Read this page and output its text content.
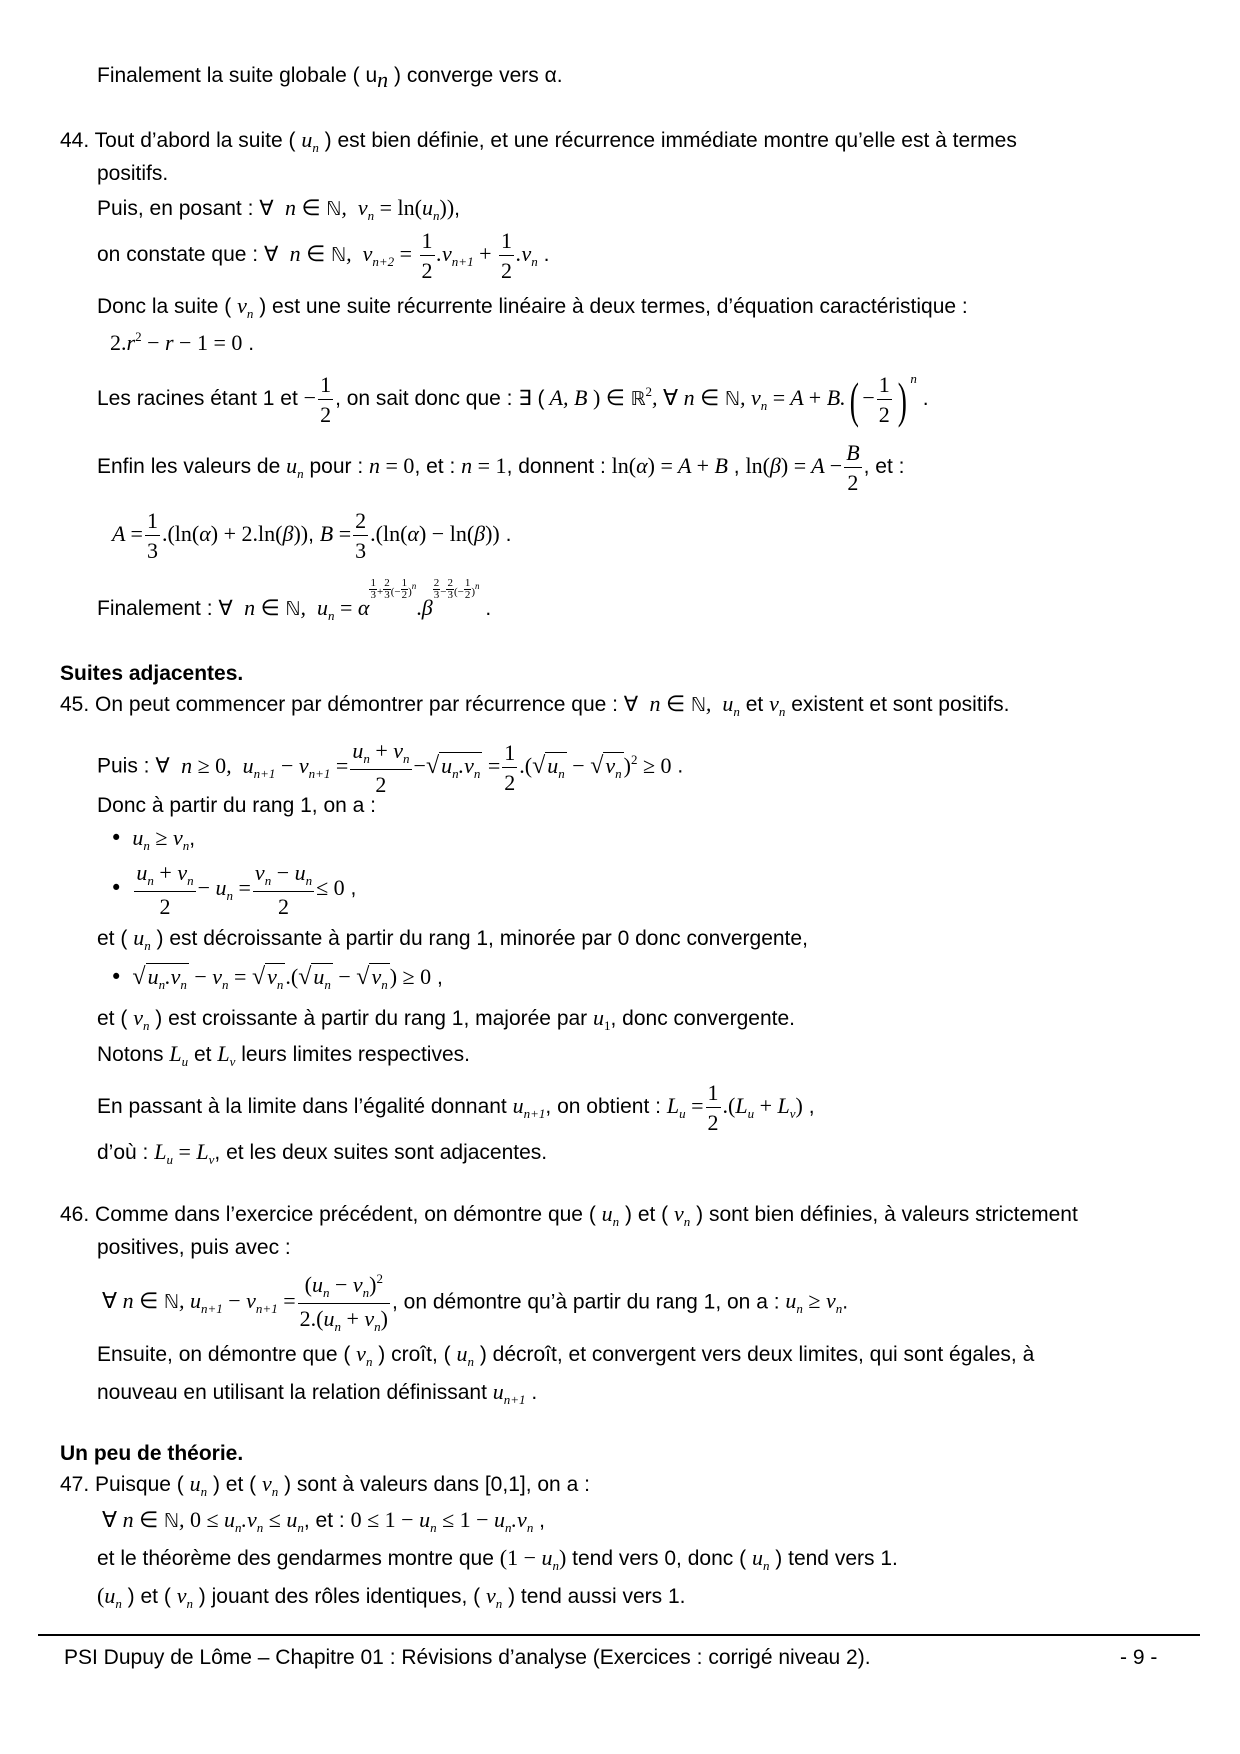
Finalement la suite globale ( $u_n$ ) converge vers α.
44. Tout d’abord la suite ( $u_n$ ) est bien définie, et une récurrence immédiate montre qu’elle est à termes
positifs.
Puis, en posant : ∀  n ∈ ℕ,  $v_n = \ln(u_n)$),
on constate que : ∀  n ∈ ℕ,  $v_{n+2} = \frac{1}{2} .v_{n+1} + \frac{1}{2} .v_n$ .
Donc la suite ( $v_n$ ) est une suite récurrente linéaire à deux termes, d’équation caractéristique :
$2.r^2 - r - 1 = 0$ .
Les racines étant 1 et − $\frac{1}{2}$ , on sait donc que : ∃ ( A, B ) ∈ ℝ$^2$, ∀ n ∈ ℕ, $v_n = A + B.( - \frac{1}{2}$ ) $^n$ .
Enfin les valeurs de $u_n$ pour : n = 0, et : n = 1, donnent : ln(α) = A + B , $\ln(\beta) = A - \frac{B}{2}$ , et :
$A = \frac{1}{3} .(\ln(\alpha) + 2.\ln(\beta))$, $B = \frac{2}{3} .(\ln(\alpha) - \ln(\beta))$ .
Finalement : ∀  n ∈ ℕ,  $u_n = \alpha$
$\frac{1}{3} + \frac{2}{3}$ (− $\frac{1}{2} )^n.\beta$
$\frac{2}{3} - \frac{2}{3}$ (− $\frac{1}{2} )^n$ .
Suites adjacentes.
45. On peut commencer par démontrer par récurrence que : ∀  n ∈ ℕ,  $u_n$ et $v_n$ existent et sont positifs.
Puis : ∀  n ≥ 0,  $u_{n+1} - v_{n+1} = \frac{u_n + v_n}{2} -√u_n.v_n = \frac{1}{2} .(√u_n - √v_n)^2 \ge 0$ .
Donc à partir du rang 1, on a :
• $u_n \ge v_n$,
• $\frac{u_n + v_n}{2} - u_n = \frac{v_n - u_n}{2} \le 0$ ,
et ( $u_n$ ) est décroissante à partir du rang 1, minorée par 0 donc convergente,
• $√u_n.v_n - v_n = √v_n.(√u_n - √v_n) \ge 0$ ,
et ( $v_n$ ) est croissante à partir du rang 1, majorée par $u_1$, donc convergente.
Notons $L_u$ et $L_v$ leurs limites respectives.
En passant à la limite dans l’égalité donnant $u_{n+1}$, on obtient : $L_u = \frac{1}{2} .(L_u + L_v)$ ,
d’où : $L_u = L_v$, et les deux suites sont adjacentes.
46. Comme dans l’exercice précédent, on démontre que ( $u_n$ ) et ( $v_n$ ) sont bien définies, à valeurs strictement
positives, puis avec :
∀ n ∈ ℕ, $u_{n+1} - v_{n+1} = \frac{(u_n - v_n)^2}{2.(u_n + v_n)}$ , on démontre qu’à partir du rang 1, on a : $u_n \ge v_n$.
Ensuite, on démontre que ( $v_n$ ) croît, ( $u_n$ ) décroît, et convergent vers deux limites, qui sont égales, à
nouveau en utilisant la relation définissant $u_{n+1}$ .
Un peu de théorie.
47. Puisque ( $u_n$ ) et ( $v_n$ ) sont à valeurs dans [0,1], on a :
∀ n ∈ ℕ, $0 \le u_n.v_n \le u_n$, et : $0 \le 1 - u_n \le 1 - u_n.v_n$ ,
et le théorème des gendarmes montre que $(1 - u_n)$ tend vers 0, donc ( $u_n$ ) tend vers 1.
($u_n$ ) et ( $v_n$ ) jouant des rôles identiques, ( $v_n$ ) tend aussi vers 1.
PSI Dupuy de Lôme – Chapitre 01 : Révisions d’analyse (Exercices : corrigé niveau 2).	- 9 -
